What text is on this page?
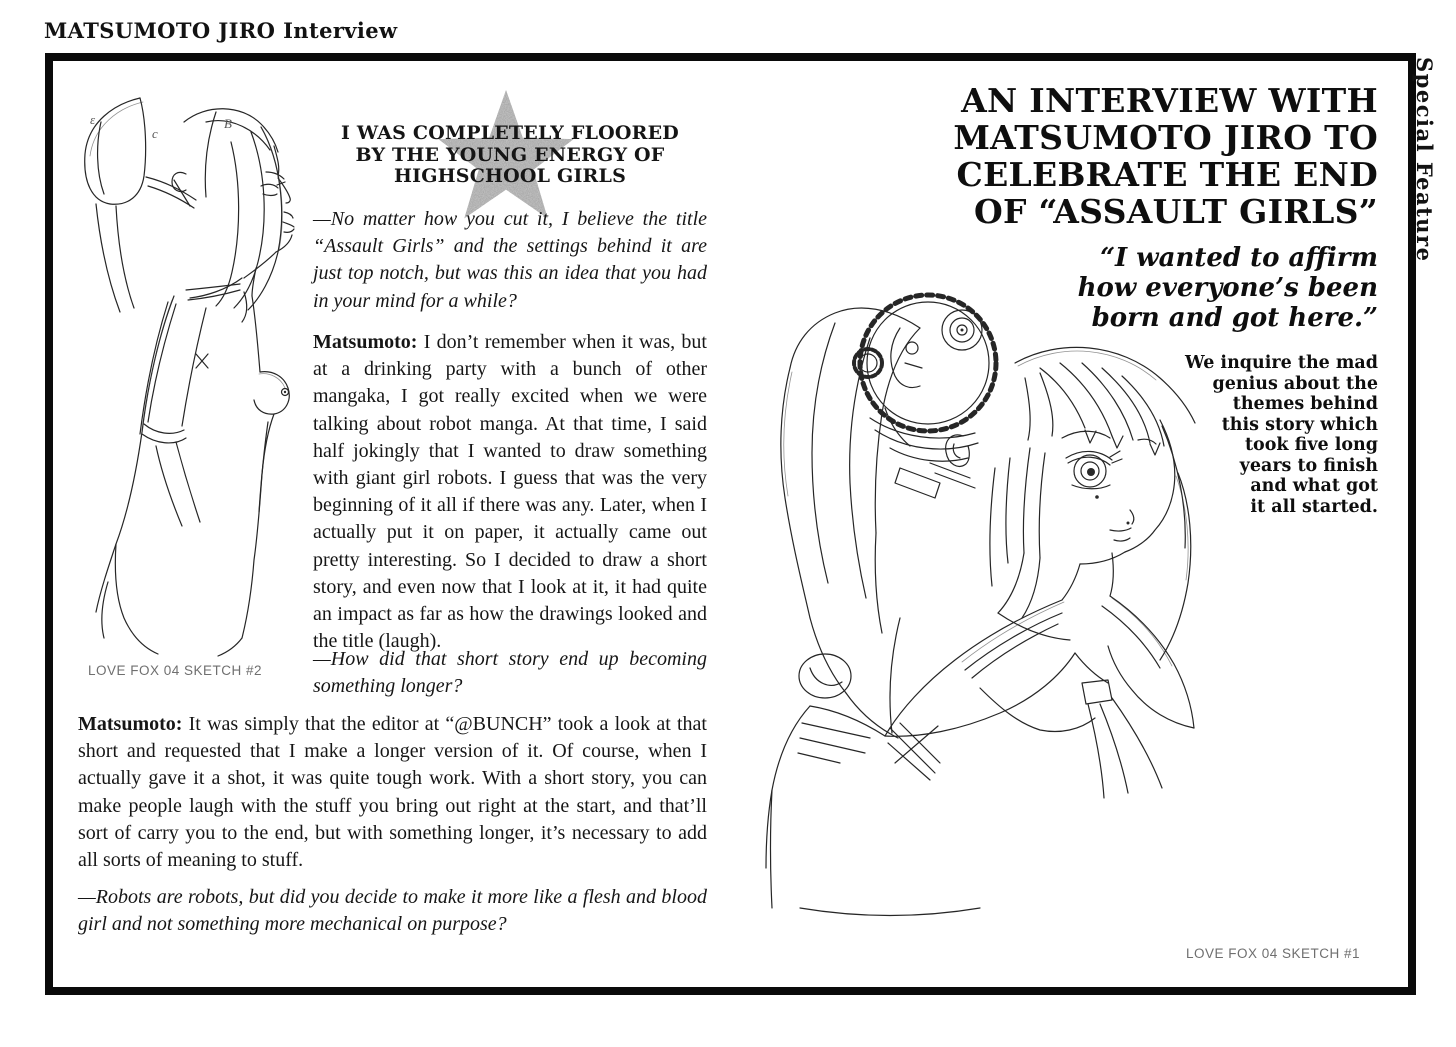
MATSUMOTO JIRO Interview
Special Feature
ε
c
B
LOVE FOX 04 SKETCH #2
LOVE FOX 04 SKETCH #1
I WAS COMPLETELY FLOORED
BY THE YOUNG ENERGY OF
HIGHSCHOOL GIRLS
—No matter how you cut it, I believe the title “Assault Girls” and the settings behind it are just top notch, but was this an idea that you had in your mind for a while?
Matsumoto: I don’t remember when it was, but at a drinking party with a bunch of other mangaka, I got really excited when we were talking about robot manga. At that time, I said half jokingly that I wanted to draw something with giant girl robots. I guess that was the very beginning of it all if there was any. Later, when I actually put it on paper, it actually came out pretty interesting. So I decided to draw a short story, and even now that I look at it, it had quite an impact as far as how the drawings looked and the title (laugh).
—How did that short story end up becoming something longer?
Matsumoto: It was simply that the editor at “@BUNCH” took a look at that short and requested that I make a longer version of it. Of course, when I actually gave it a shot, it was quite tough work. With a short story, you can make people laugh with the stuff you bring out right at the start, and that’ll sort of carry you to the end, but with something longer, it’s necessary to add all sorts of meaning to stuff.
—Robots are robots, but did you decide to make it more like a flesh and blood girl and not something more mechanical on purpose?
AN INTERVIEW WITH
MATSUMOTO JIRO TO
CELEBRATE THE END
OF “ASSAULT GIRLS”
“I wanted to affirm
how everyone’s been
born and got here.”
We inquire the mad
genius about the
themes behind
this story which
took five long
years to finish
and what got
it all started.
